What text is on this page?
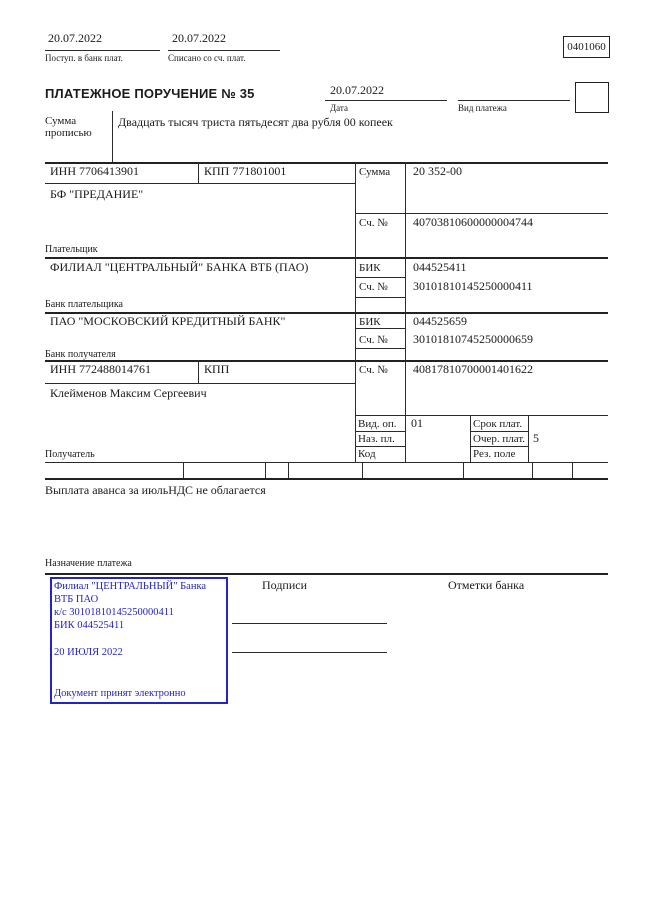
20.07.2022
Поступ. в банк плат.
20.07.2022
Списано со сч. плат.
0401060
ПЛАТЕЖНОЕ ПОРУЧЕНИЕ № 35	20.07.2022
Дата	Вид платежа
Сумма прописью
Двадцать тысяч триста пятьдесят два рубля 00 копеек
ИНН 7706413901	КПП 771801001	Сумма 20 352-00
БФ "ПРЕДАНИЕ"
Сч. № 40703810600000004744
Плательщик
ФИЛИАЛ "ЦЕНТРАЛЬНЫЙ" БАНКА ВТБ (ПАО)	БИК	044525411
Сч. № 30101810145250000411
Банк плательщика
ПАО "МОСКОВСКИЙ КРЕДИТНЫЙ БАНК"	БИК	044525659
Сч. № 30101810745250000659
Банк получателя
ИНН 772488014761	КПП	Сч. № 40817810700001401622
Клейменов Максим Сергеевич
Получатель
Вид. оп. 01	Срок плат.
Наз. пл.	Очер. плат. 5
Код	Рез. поле
Выплата аванса за июльНДС не облагается
Назначение платежа
Подписи	Отметки банка
Филиал "ЦЕНТРАЛЬНЫЙ" Банка
ВТБ ПАО
к/с 30101810145250000411
БИК 044525411
20 ИЮЛЯ 2022
Документ принят электронно
